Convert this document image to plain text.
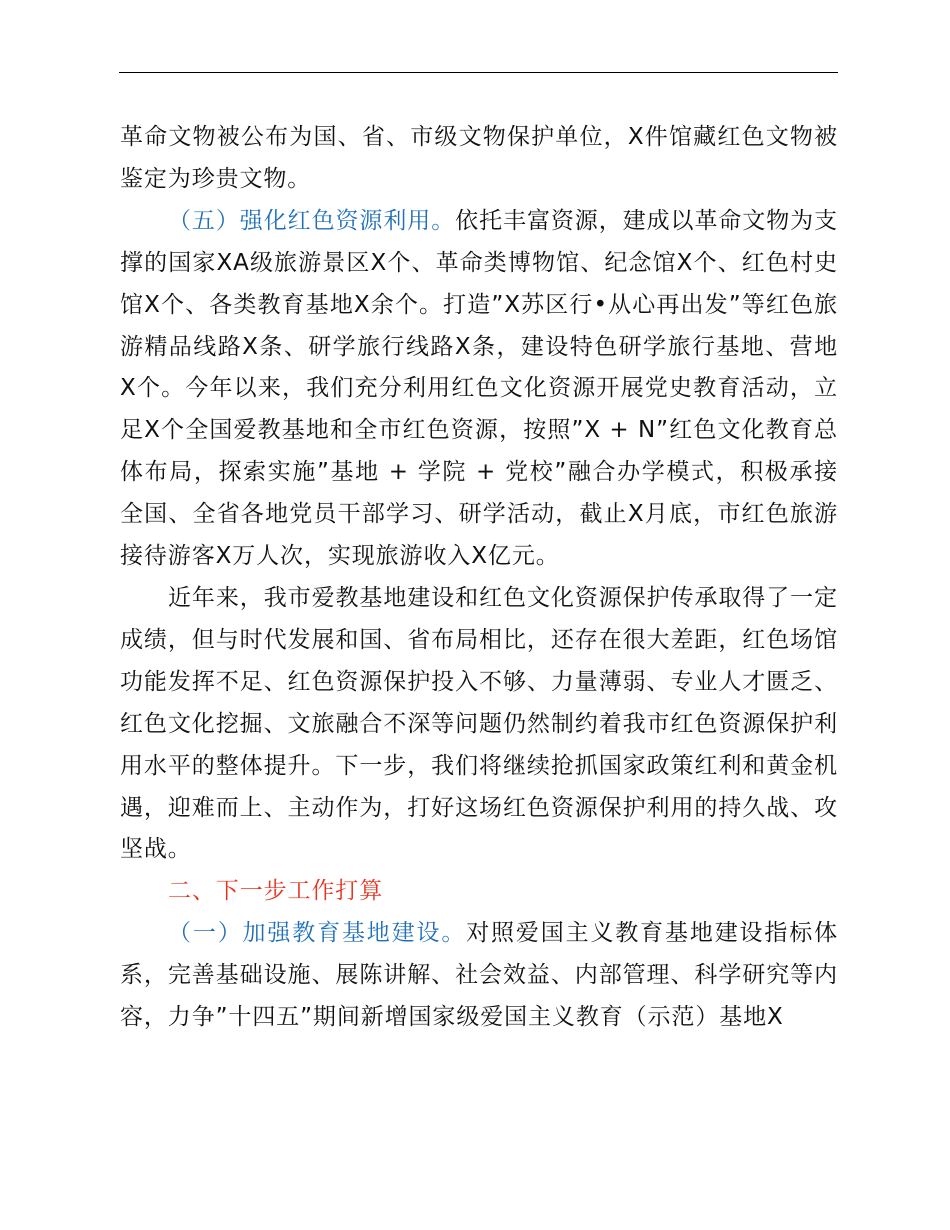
革命文物被公布为国、省、市级文物保护单位，X件馆藏红色文物被鉴定为珍贵文物。

（五）强化红色资源利用。依托丰富资源，建成以革命文物为支撑的国家XA级旅游景区X个、革命类博物馆、纪念馆X个、红色村史馆X个、各类教育基地X余个。打造”X苏区行•从心再出发”等红色旅游精品线路X条、研学旅行线路X条，建设特色研学旅行基地、营地X个。今年以来，我们充分利用红色文化资源开展党史教育活动，立足X个全国爱教基地和全市红色资源，按照”X + N”红色文化教育总体布局，探索实施”基地 + 学院 + 党校”融合办学模式，积极承接全国、全省各地党员干部学习、研学活动，截止X月底，市红色旅游接待游客X万人次，实现旅游收入X亿元。

近年来，我市爱教基地建设和红色文化资源保护传承取得了一定成绩，但与时代发展和国、省布局相比，还存在很大差距，红色场馆功能发挥不足、红色资源保护投入不够、力量薄弱、专业人才匮乏、红色文化挖掘、文旅融合不深等问题仍然制约着我市红色资源保护利用水平的整体提升。下一步，我们将继续抢抓国家政策红利和黄金机遇，迎难而上、主动作为，打好这场红色资源保护利用的持久战、攻坚战。

二、下一步工作打算

（一）加强教育基地建设。对照爱国主义教育基地建设指标体系，完善基础设施、展陈讲解、社会效益、内部管理、科学研究等内容，力争”十四五”期间新增国家级爱国主义教育（示范）基地X
